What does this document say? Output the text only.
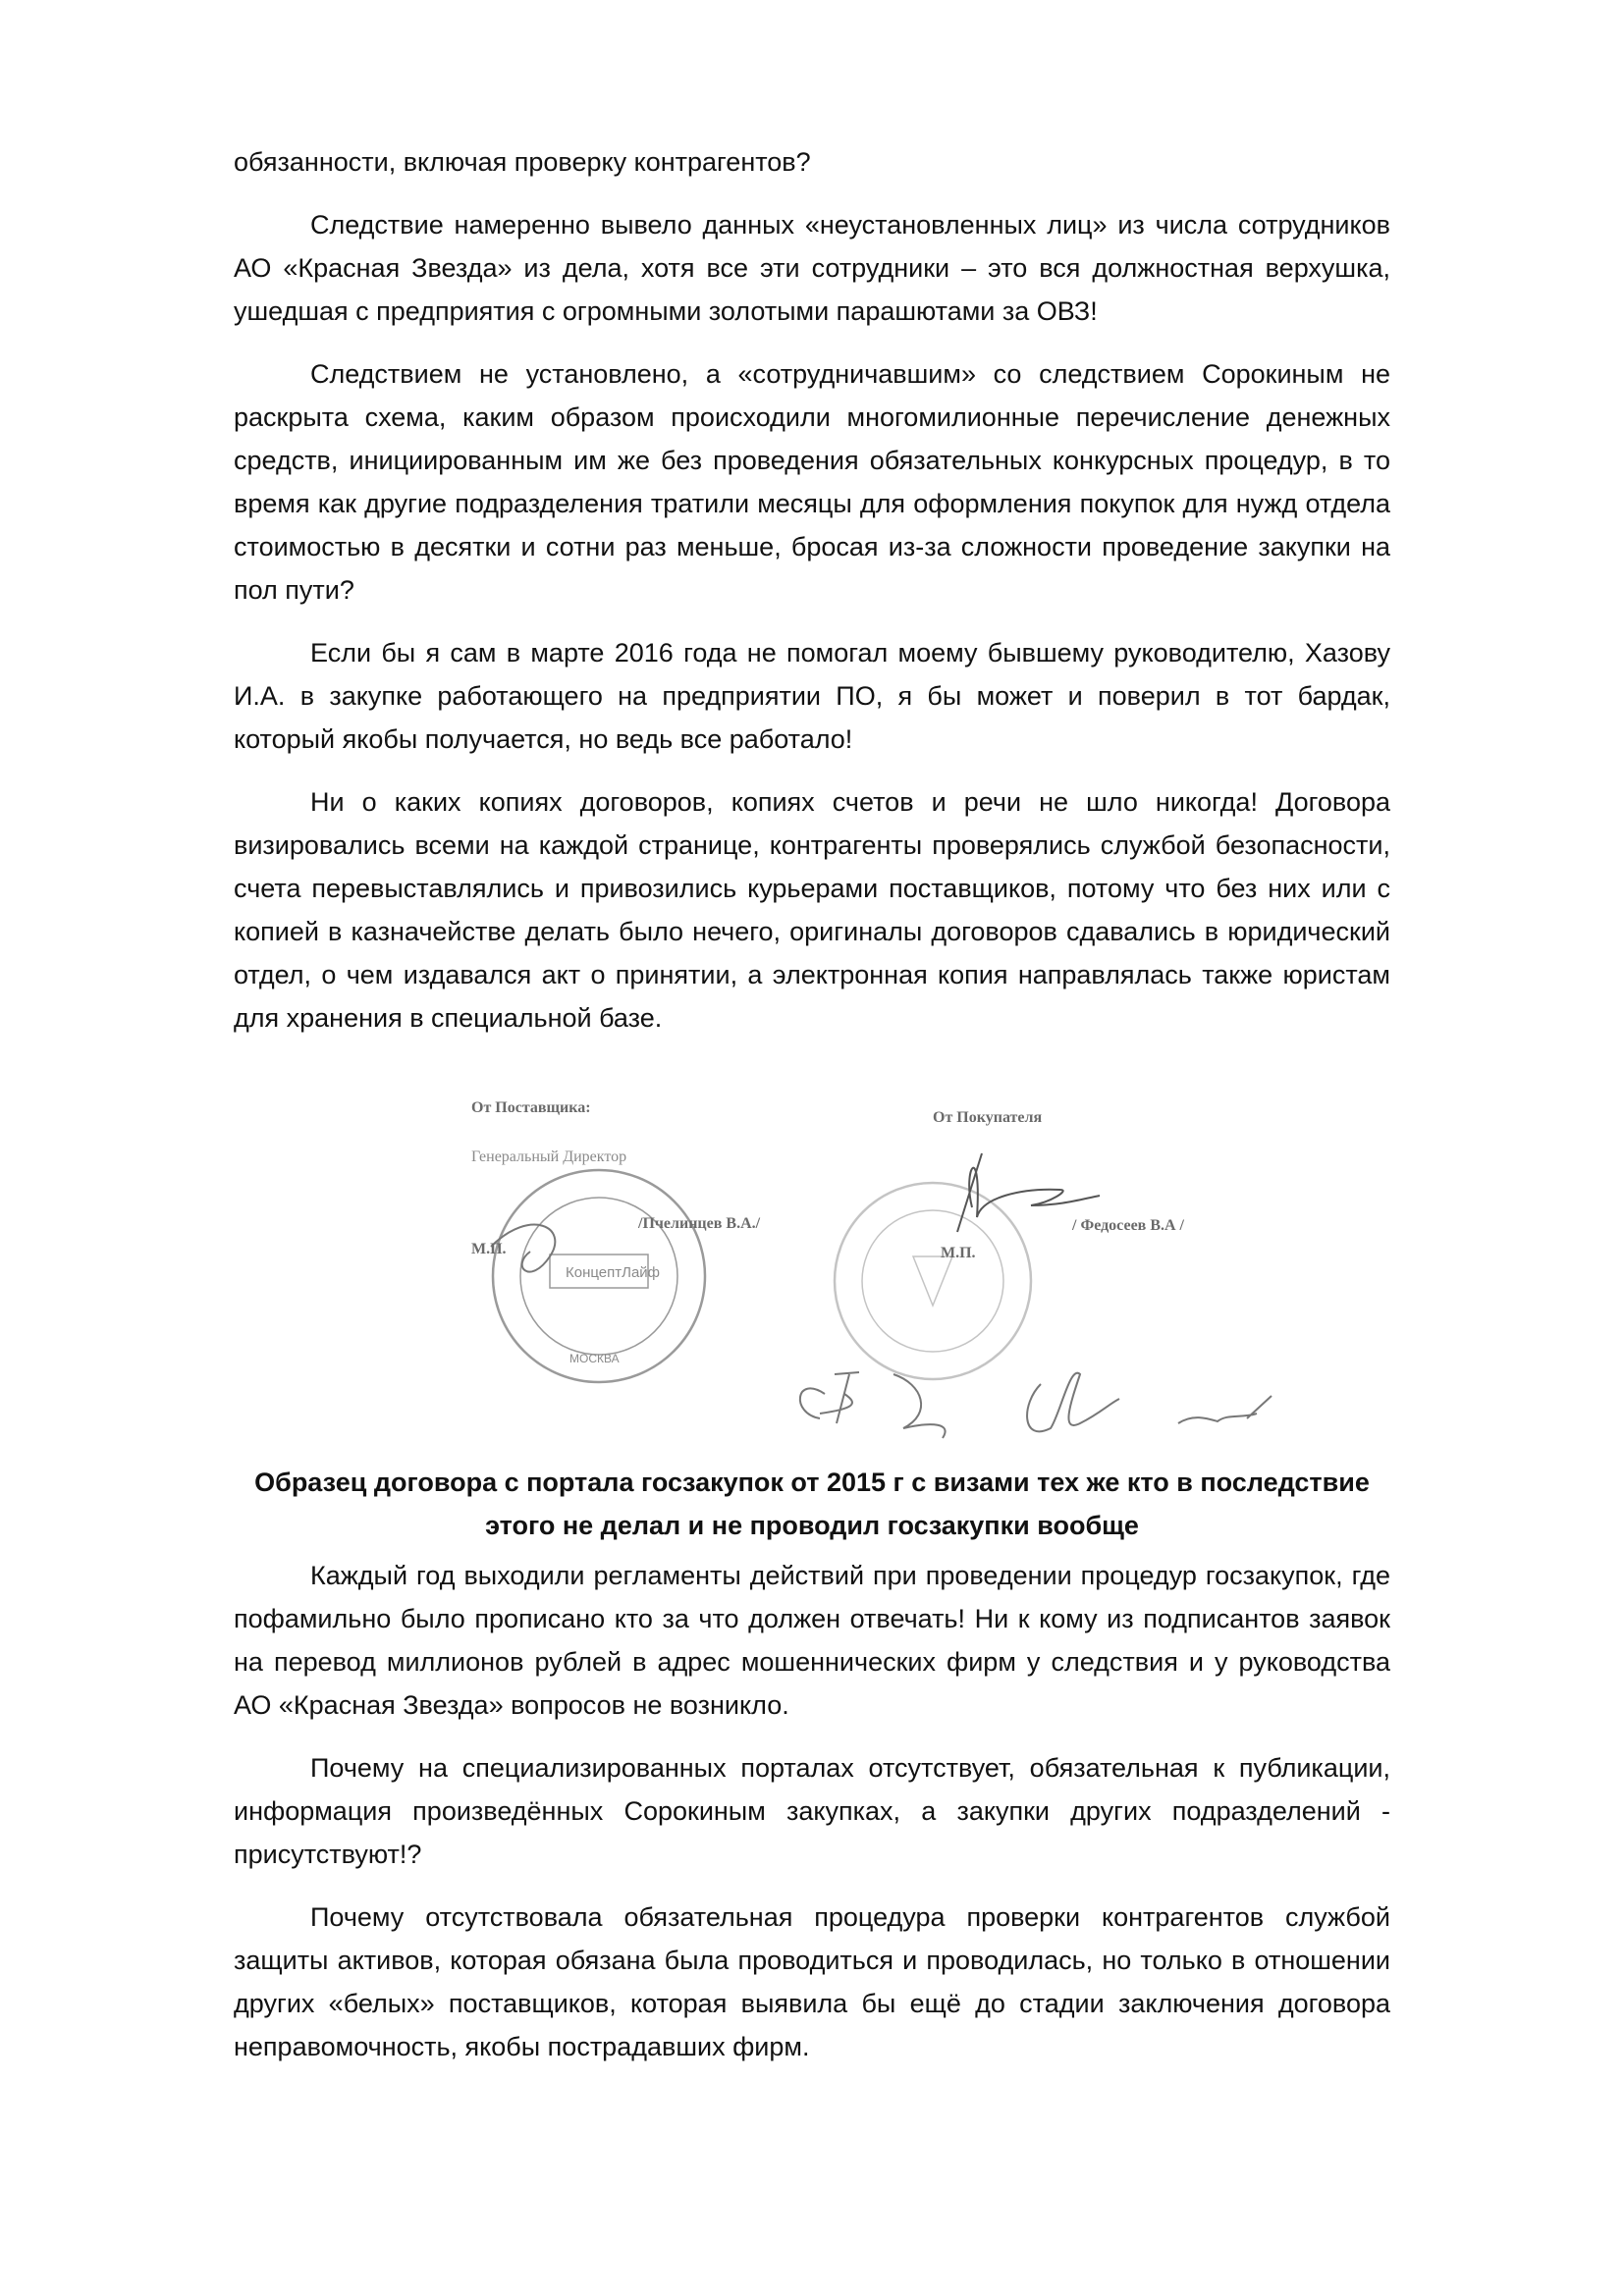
обязанности, включая проверку контрагентов?

Следствие намеренно вывело данных «неустановленных лиц» из числа сотрудников АО «Красная Звезда» из дела, хотя все эти сотрудники – это вся должностная верхушка, ушедшая с предприятия с огромными золотыми парашютами за ОВЗ!

Следствием не установлено, а «сотрудничавшим» со следствием Сорокиным не раскрыта схема, каким образом происходили многомилионные перечисление денежных средств, инициированным им же без проведения обязательных конкурсных процедур, в то время как другие подразделения тратили месяцы для оформления покупок для нужд отдела стоимостью в десятки и сотни раз меньше, бросая из-за сложности проведение закупки на пол пути?

Если бы я сам в марте 2016 года не помогал моему бывшему руководителю, Хазову И.А. в закупке работающего на предприятии ПО, я бы может и поверил в тот бардак, который якобы получается, но ведь все работало!

Ни о каких копиях договоров, копиях счетов и речи не шло никогда! Договора визировались всеми на каждой странице, контрагенты проверялись службой безопасности, счета перевыставлялись и привозились курьерами поставщиков, потому что без них или с копией в казначействе делать было нечего, оригиналы договоров сдавались в юридический отдел, о чем издавался акт о принятии, а электронная копия направлялась также юристам для хранения в специальной базе.

КонцептЛайф
МОСКВА
От Поставщика:
Генеральный Директор
/Пчелинцев В.А./
М.П.
От Покупателя
/ Федосеев В.А /
М.П.
Образец договора с портала госзакупок от 2015 г с визами тех же кто в последствие этого не делал и не проводил госзакупки вообще

Каждый год выходили регламенты действий при проведении процедур госзакупок, где пофамильно было прописано кто за что должен отвечать! Ни к кому из подписантов заявок на перевод миллионов рублей в адрес мошеннических фирм у следствия и у руководства АО «Красная Звезда» вопросов не возникло.

Почему на специализированных порталах отсутствует, обязательная к публикации, информация произведённых Сорокиным закупках, а закупки других подразделений - присутствуют!?

Почему отсутствовала обязательная процедура проверки контрагентов службой защиты активов, которая обязана была проводиться и проводилась, но только в отношении других «белых» поставщиков, которая выявила бы ещё до стадии заключения договора неправомочность, якобы пострадавших фирм.
